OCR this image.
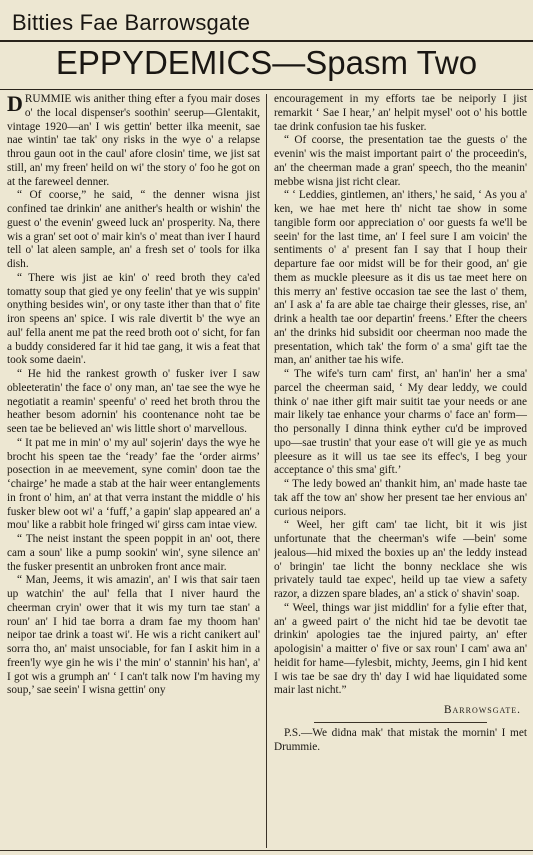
Bitties Fae Barrowsgate
EPPYDEMICS—Spasm Two

DRUMMIE wis anither thing efter a fyou mair doses o' the local dispenser's soothin' seerup—Glentakit, vintage 1920—an' I wis gettin' better ilka meenit, sae naе wintin' tae tak' ony risks in the wye o' a relapse throu gaun oot in the caul' afore closin' time, we jist sat still, an' my freen' heild on wi' the story o' foo he got on at the fareweel denner.

“ Of coorse,” he said, “ the denner wisna jist confined tae drinkin' ane anither's health or wishin' the guest o' the evenin' gweed luck an' prosperity. Na, there wis a gran' set oot o' mair kin's o' meat than iver I haurd tell o' lat aleen sample, an' a fresh set o' tools for ilka dish.

“ There wis jist ae kin' o' reed broth they ca'ed tomatty soup that gied ye ony feelin' that ye wis suppin' onything besides win', or ony taste ither than that o' fite iron speens an' spice. I wis rale divertit b' the wye an aul' fella anent me pat the reed broth oot o' sicht, for fan a buddy considered far it hid tae gang, it wis a feat that took some daein'.

“ He hid the rankest growth o' fusker iver I saw obleeteratin' the face o' ony man, an' tae see the wye he negotiatit a reamin' speenfu' o' reed het broth throu the heather besom adornin' his coontenance noht tae be seen tae be believed an' wis little short o' marvellous.

“ It pat me in min' o' my aul' sojerin' days the wye he brocht his speen tae the ‘ready’ fae the ‘order airms’ posection in ae meevement, syne comin' doon tae the ‘chairge’ he made a stab at the hair weer entanglements in front o' him, an' at that verra instant the middle o' his fusker blew oot wi' a ‘fuff,’ a gapin' slap appeared an' a mou' like a rabbit hole fringed wi' girss cam intae view.

“ The neist instant the speen poppit in an' oot, there cam a soun' like a pump sookin' win', syne silence an' the fusker presentit an unbroken front ance mair.

“ Man, Jeems, it wis amazin', an' I wis that sair taen up watchin' the aul' fella that I niver haurd the cheerman cryin' ower that it wis my turn tae stan' a roun' an' I hid tae borra a dram fae my thoom han' neipor tae drink a toast wi'. He wis a richt canikert aul' sorra tho, an' maist unsociable, for fan I askit him in a freen'ly wye gin he wis i' the min' o' stannin' his han', a' I got wis a grumph an' ‘ I can't talk now I'm having my soup,’ sae seein' I wisna gettin' ony

encouragement in my efforts tae be neiporly I jist remarkit ‘ Sae I hear,’ an' helpit mysel' oot o' his bottle tae drink confusion tae his fusker.

“ Of coorse, the presentation tae the guests o' the evenin' wis the maist important pairt o' the proceedin's, an' the cheerman made a gran' speech, tho the meanin' mebbe wisna jist richt clear.

“ ‘ Leddies, gintlemen, an' ithers,' he said, ‘ As you a' ken, we hae met here th' nicht tae show in some tangible form oor appreciation o' oor guests fa we'll be seein' for the last time, an' I feel sure I am voicin' the sentiments o' a' present fan I say that I houp their departure fae oor midst will be for their good, an' gie them as muckle pleesure as it dis us tae meet here on this merry an' festive occasion tae see the last o' them, an' I ask a' fa are able tae chairge their glesses, rise, an' drink a health tae oor departin' freens.’ Efter the cheers an' the drinks hid subsidit oor cheerman noo made the presentation, which tak' the form o' a sma' gift tae the man, an' anither tae his wife.

“ The wife's turn cam' first, an' han'in' her a sma' parcel the cheerman said, ‘ My dear leddy, we could think o' nae ither gift mair suitit tae your needs or ane mair likely tae enhance your charms o' face an' form—tho personally I dinna think eyther cu'd be improved upo—sae trustin' that your ease o't will gie ye as much pleesure as it will us tae see its effec's, I beg your acceptance o' this sma' gift.’

“ The ledy bowed an' thankit him, an' made haste tae tak aff the tow an' show her present tae her envious an' curious neipors.

“ Weel, her gift cam' tae licht, bit it wis jist unfortunate that the cheerman's wife —bein' some jealous—hid mixed the boxies up an' the leddy instead o' bringin' tae licht the bonny necklace she wis privately tauld tae expec', heild up tae view a safety razor, a dizzen spare blades, an' a stick o' shavin' soap.

“ Weel, things war jist middlin' for a fylie efter that, an' a gweed pairt o' the nicht hid tae be devotit tae drinkin' apologies tae the injured pairty, an' efter apologisin' a maitter o' five or sax roun' I cam' awa an' heidit for hame—fylesbit, michty, Jeems, gin I hid kent I wis tae be sae dry th' day I wid hae liquidated some mair last nicht.”

Barrowsgate.

P.S.—We didna mak' that mistak the mornin' I met Drummie.
